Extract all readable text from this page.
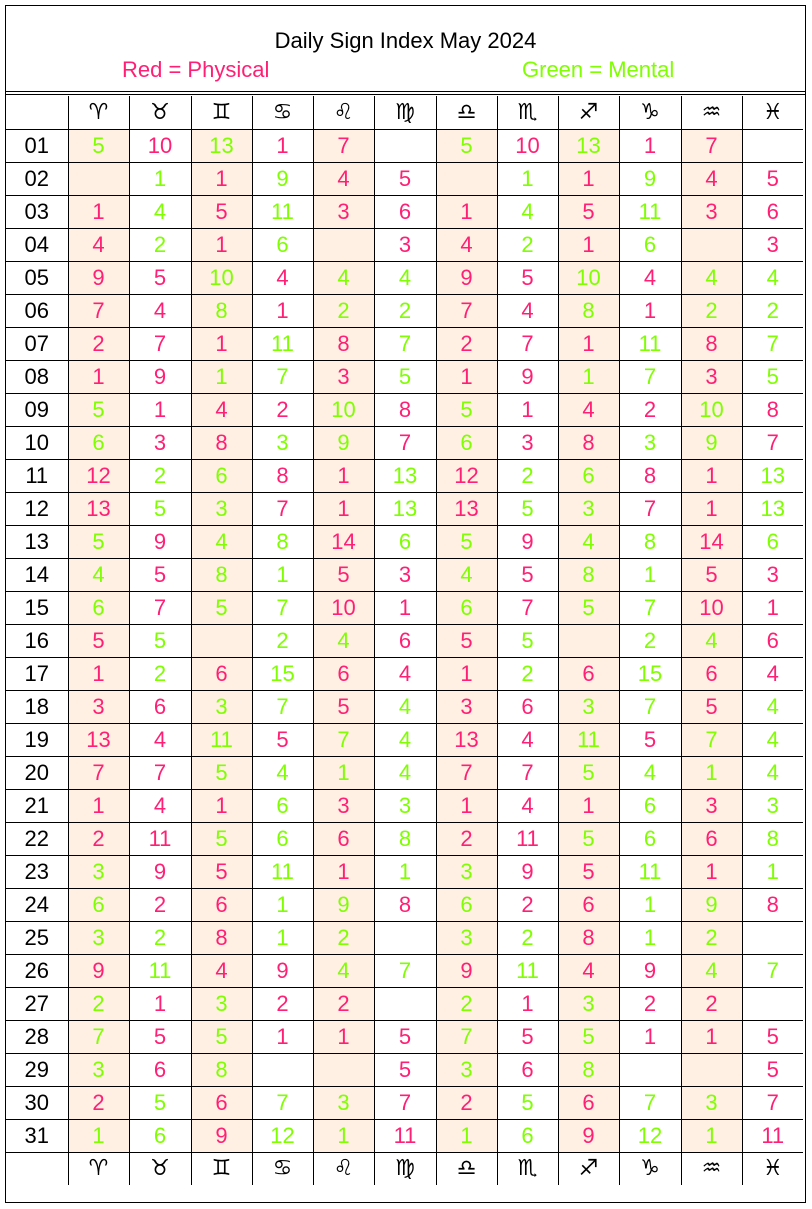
Daily Sign Index May 2024
Red = Physical	Green = Mental
	♈	♉	♊	♋	♌	♍	♎	♏	♐	♑	♒	♓
01	5	10	13	1	7		5	10	13	1	7	
02		1	1	9	4	5		1	1	9	4	5
03	1	4	5	11	3	6	1	4	5	11	3	6
04	4	2	1	6		3	4	2	1	6		3
05	9	5	10	4	4	4	9	5	10	4	4	4
06	7	4	8	1	2	2	7	4	8	1	2	2
07	2	7	1	11	8	7	2	7	1	11	8	7
08	1	9	1	7	3	5	1	9	1	7	3	5
09	5	1	4	2	10	8	5	1	4	2	10	8
10	6	3	8	3	9	7	6	3	8	3	9	7
11	12	2	6	8	1	13	12	2	6	8	1	13
12	13	5	3	7	1	13	13	5	3	7	1	13
13	5	9	4	8	14	6	5	9	4	8	14	6
14	4	5	8	1	5	3	4	5	8	1	5	3
15	6	7	5	7	10	1	6	7	5	7	10	1
16	5	5		2	4	6	5	5		2	4	6
17	1	2	6	15	6	4	1	2	6	15	6	4
18	3	6	3	7	5	4	3	6	3	7	5	4
19	13	4	11	5	7	4	13	4	11	5	7	4
20	7	7	5	4	1	4	7	7	5	4	1	4
21	1	4	1	6	3	3	1	4	1	6	3	3
22	2	11	5	6	6	8	2	11	5	6	6	8
23	3	9	5	11	1	1	3	9	5	11	1	1
24	6	2	6	1	9	8	6	2	6	1	9	8
25	3	2	8	1	2		3	2	8	1	2	
26	9	11	4	9	4	7	9	11	4	9	4	7
27	2	1	3	2	2		2	1	3	2	2	
28	7	5	5	1	1	5	7	5	5	1	1	5
29	3	6	8			5	3	6	8			5
30	2	5	6	7	3	7	2	5	6	7	3	7
31	1	6	9	12	1	11	1	6	9	12	1	11
	♈	♉	♊	♋	♌	♍	♎	♏	♐	♑	♒	♓
